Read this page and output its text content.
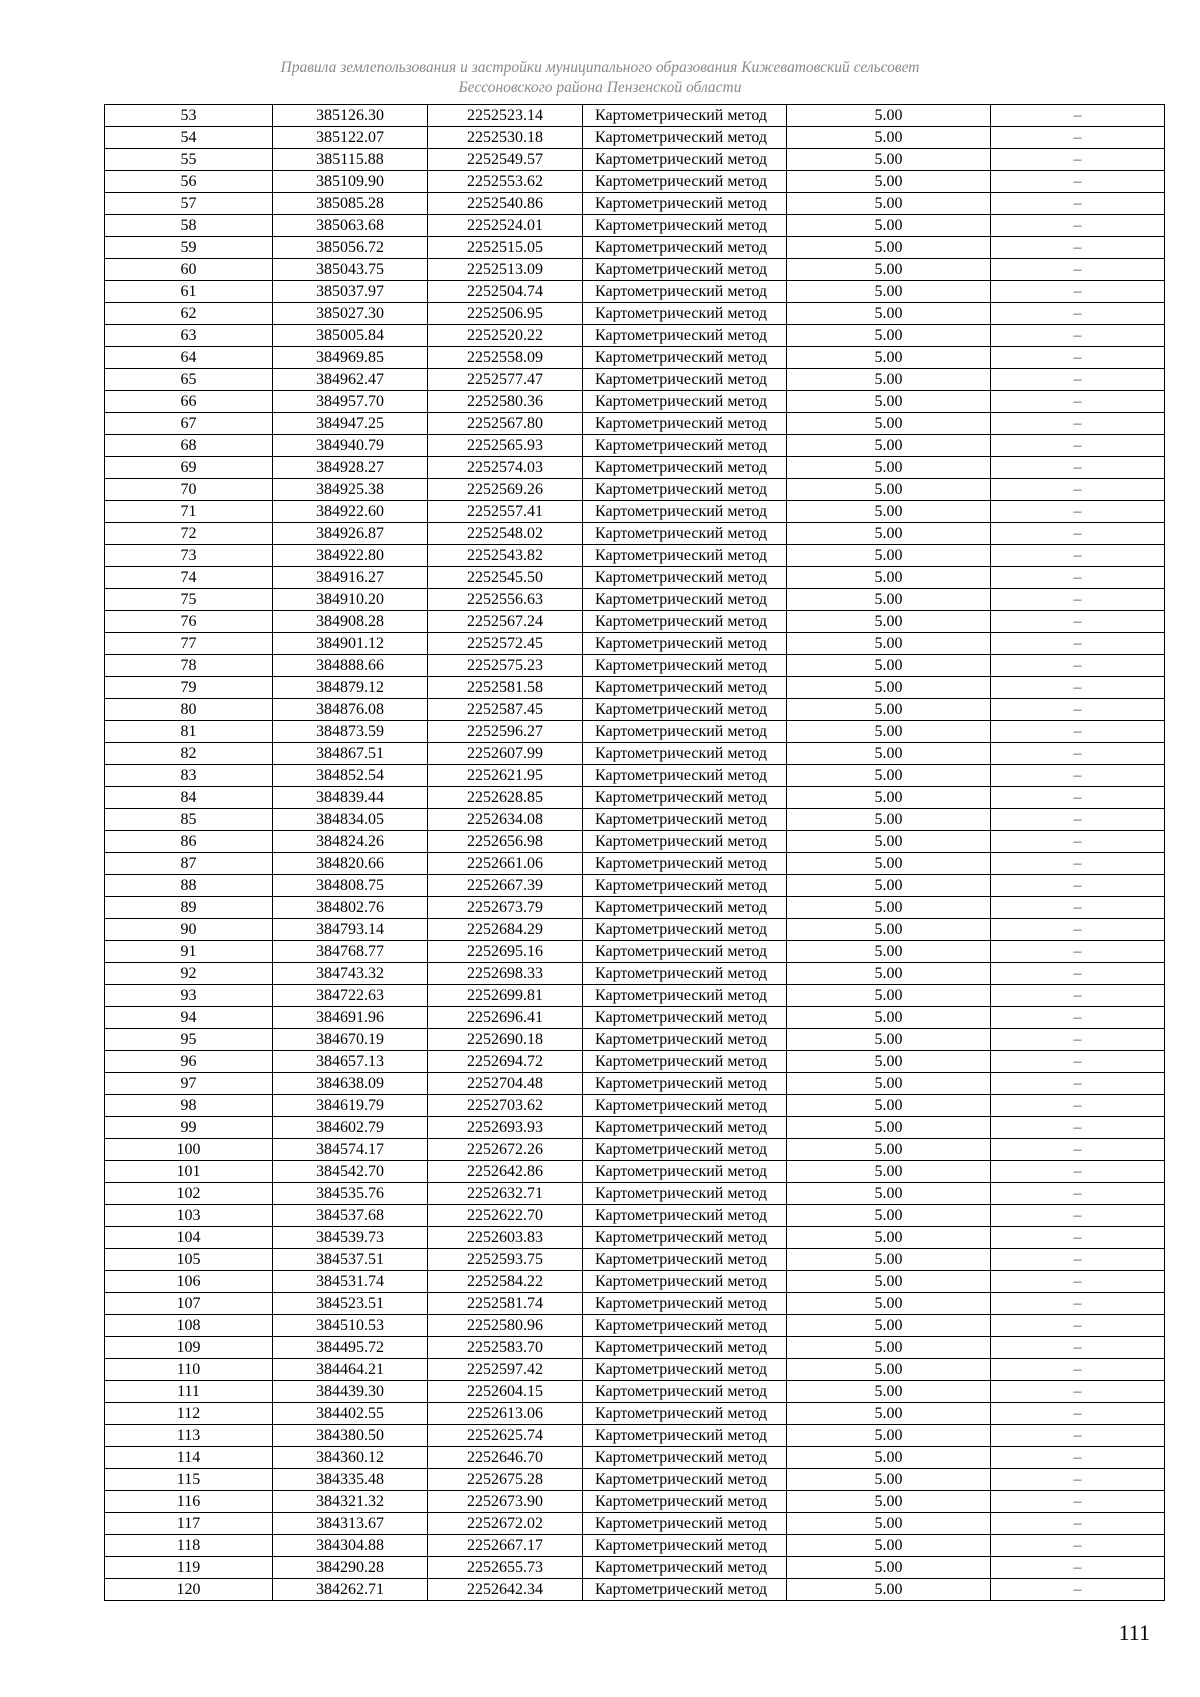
Правила землепользования и застройки муниципального образования Кижеватовский сельсовет
Бессоновского района Пензенской области
53	385126.30	2252523.14	Картометрический метод	5.00	–
54	385122.07	2252530.18	Картометрический метод	5.00	–
55	385115.88	2252549.57	Картометрический метод	5.00	–
56	385109.90	2252553.62	Картометрический метод	5.00	–
57	385085.28	2252540.86	Картометрический метод	5.00	–
58	385063.68	2252524.01	Картометрический метод	5.00	–
59	385056.72	2252515.05	Картометрический метод	5.00	–
60	385043.75	2252513.09	Картометрический метод	5.00	–
61	385037.97	2252504.74	Картометрический метод	5.00	–
62	385027.30	2252506.95	Картометрический метод	5.00	–
63	385005.84	2252520.22	Картометрический метод	5.00	–
64	384969.85	2252558.09	Картометрический метод	5.00	–
65	384962.47	2252577.47	Картометрический метод	5.00	–
66	384957.70	2252580.36	Картометрический метод	5.00	–
67	384947.25	2252567.80	Картометрический метод	5.00	–
68	384940.79	2252565.93	Картометрический метод	5.00	–
69	384928.27	2252574.03	Картометрический метод	5.00	–
70	384925.38	2252569.26	Картометрический метод	5.00	–
71	384922.60	2252557.41	Картометрический метод	5.00	–
72	384926.87	2252548.02	Картометрический метод	5.00	–
73	384922.80	2252543.82	Картометрический метод	5.00	–
74	384916.27	2252545.50	Картометрический метод	5.00	–
75	384910.20	2252556.63	Картометрический метод	5.00	–
76	384908.28	2252567.24	Картометрический метод	5.00	–
77	384901.12	2252572.45	Картометрический метод	5.00	–
78	384888.66	2252575.23	Картометрический метод	5.00	–
79	384879.12	2252581.58	Картометрический метод	5.00	–
80	384876.08	2252587.45	Картометрический метод	5.00	–
81	384873.59	2252596.27	Картометрический метод	5.00	–
82	384867.51	2252607.99	Картометрический метод	5.00	–
83	384852.54	2252621.95	Картометрический метод	5.00	–
84	384839.44	2252628.85	Картометрический метод	5.00	–
85	384834.05	2252634.08	Картометрический метод	5.00	–
86	384824.26	2252656.98	Картометрический метод	5.00	–
87	384820.66	2252661.06	Картометрический метод	5.00	–
88	384808.75	2252667.39	Картометрический метод	5.00	–
89	384802.76	2252673.79	Картометрический метод	5.00	–
90	384793.14	2252684.29	Картометрический метод	5.00	–
91	384768.77	2252695.16	Картометрический метод	5.00	–
92	384743.32	2252698.33	Картометрический метод	5.00	–
93	384722.63	2252699.81	Картометрический метод	5.00	–
94	384691.96	2252696.41	Картометрический метод	5.00	–
95	384670.19	2252690.18	Картометрический метод	5.00	–
96	384657.13	2252694.72	Картометрический метод	5.00	–
97	384638.09	2252704.48	Картометрический метод	5.00	–
98	384619.79	2252703.62	Картометрический метод	5.00	–
99	384602.79	2252693.93	Картометрический метод	5.00	–
100	384574.17	2252672.26	Картометрический метод	5.00	–
101	384542.70	2252642.86	Картометрический метод	5.00	–
102	384535.76	2252632.71	Картометрический метод	5.00	–
103	384537.68	2252622.70	Картометрический метод	5.00	–
104	384539.73	2252603.83	Картометрический метод	5.00	–
105	384537.51	2252593.75	Картометрический метод	5.00	–
106	384531.74	2252584.22	Картометрический метод	5.00	–
107	384523.51	2252581.74	Картометрический метод	5.00	–
108	384510.53	2252580.96	Картометрический метод	5.00	–
109	384495.72	2252583.70	Картометрический метод	5.00	–
110	384464.21	2252597.42	Картометрический метод	5.00	–
111	384439.30	2252604.15	Картометрический метод	5.00	–
112	384402.55	2252613.06	Картометрический метод	5.00	–
113	384380.50	2252625.74	Картометрический метод	5.00	–
114	384360.12	2252646.70	Картометрический метод	5.00	–
115	384335.48	2252675.28	Картометрический метод	5.00	–
116	384321.32	2252673.90	Картометрический метод	5.00	–
117	384313.67	2252672.02	Картометрический метод	5.00	–
118	384304.88	2252667.17	Картометрический метод	5.00	–
119	384290.28	2252655.73	Картометрический метод	5.00	–
120	384262.71	2252642.34	Картометрический метод	5.00	–
111
